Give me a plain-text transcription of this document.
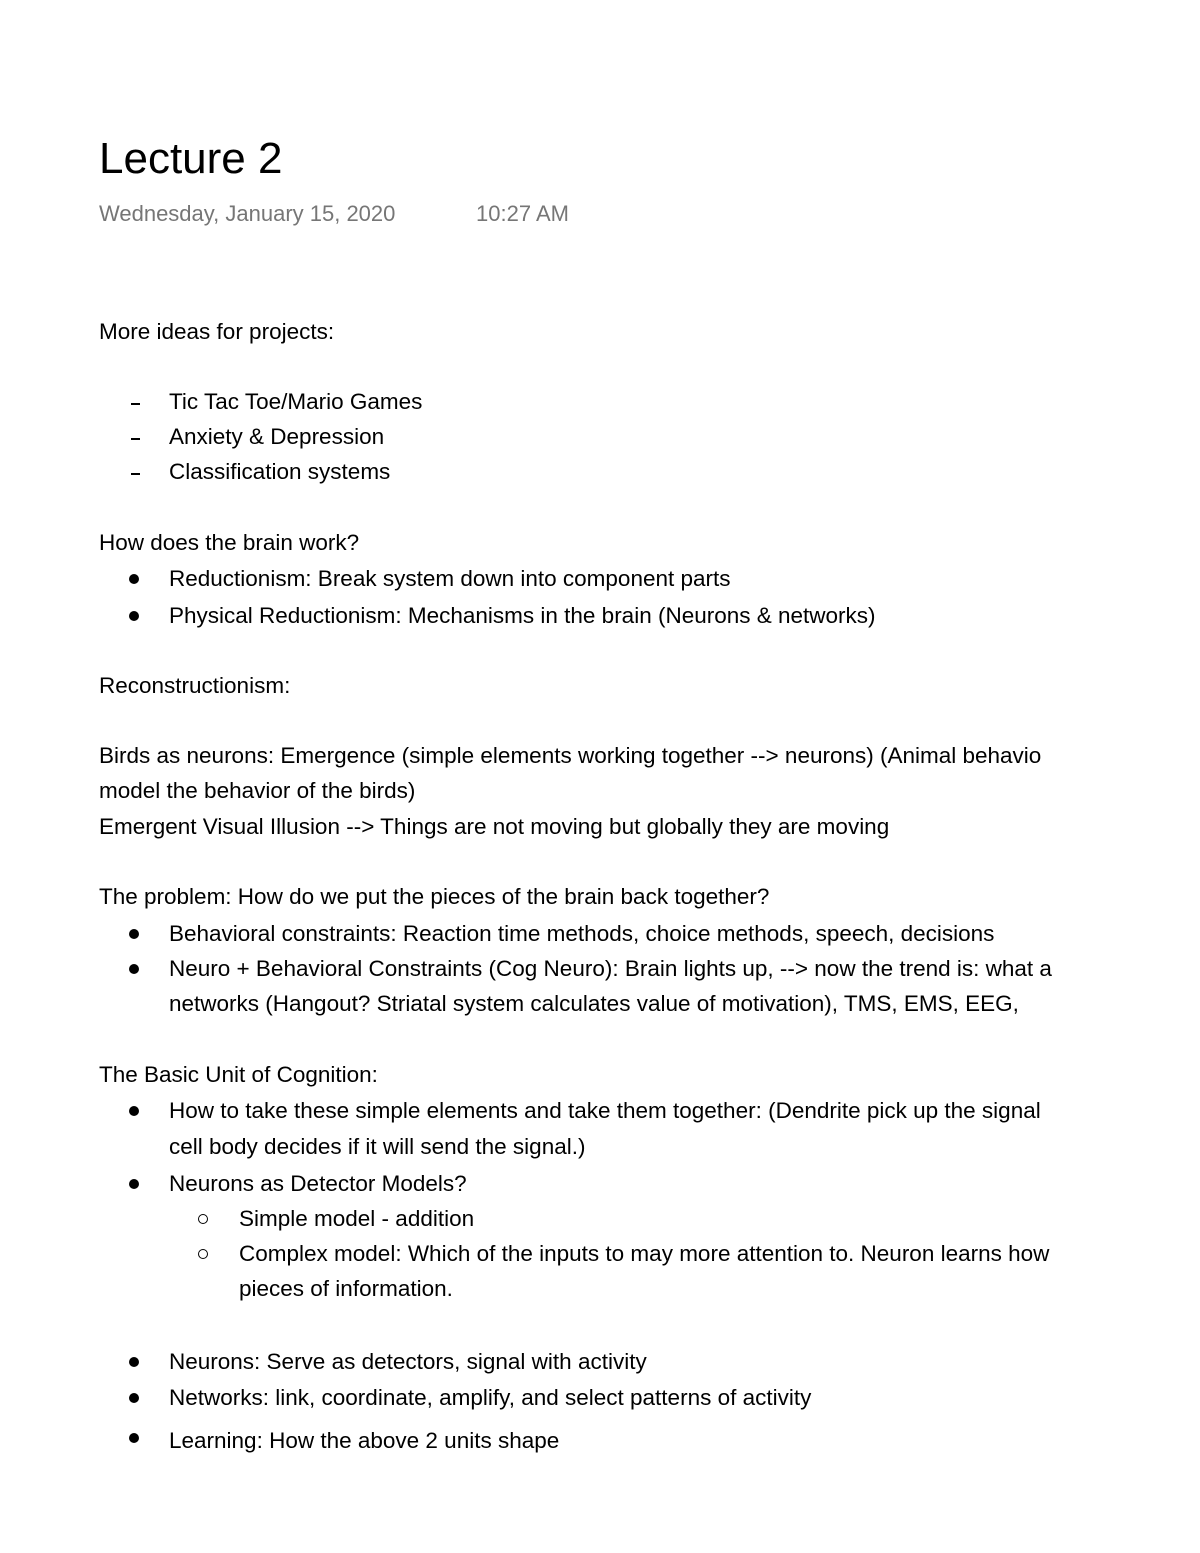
Lecture 2
Wednesday, January 15, 2020	10:27 AM
More ideas for projects:
Tic Tac Toe/Mario Games
Anxiety & Depression
Classification systems
How does the brain work?
Reductionism: Break system down into component parts
Physical Reductionism: Mechanisms in the brain (Neurons & networks)
Reconstructionism:
Birds as neurons: Emergence (simple elements working together --> neurons) (Animal behavio
model the behavior of the birds)
Emergent Visual Illusion --> Things are not moving but globally they are moving
The problem: How do we put the pieces of the brain back together?
Behavioral constraints: Reaction time methods, choice methods, speech, decisions
Neuro + Behavioral Constraints (Cog Neuro): Brain lights up, --> now the trend is: what a
networks (Hangout? Striatal system calculates value of motivation), TMS, EMS, EEG,
The Basic Unit of Cognition:
How to take these simple elements and take them together: (Dendrite pick up the signal
cell body decides if it will send the signal.)
Neurons as Detector Models?
Simple model - addition
Complex model: Which of the inputs to may more attention to. Neuron learns how
pieces of information.
Neurons: Serve as detectors, signal with activity
Networks: link, coordinate, amplify, and select patterns of activity
Learning: How the above 2 units shape
